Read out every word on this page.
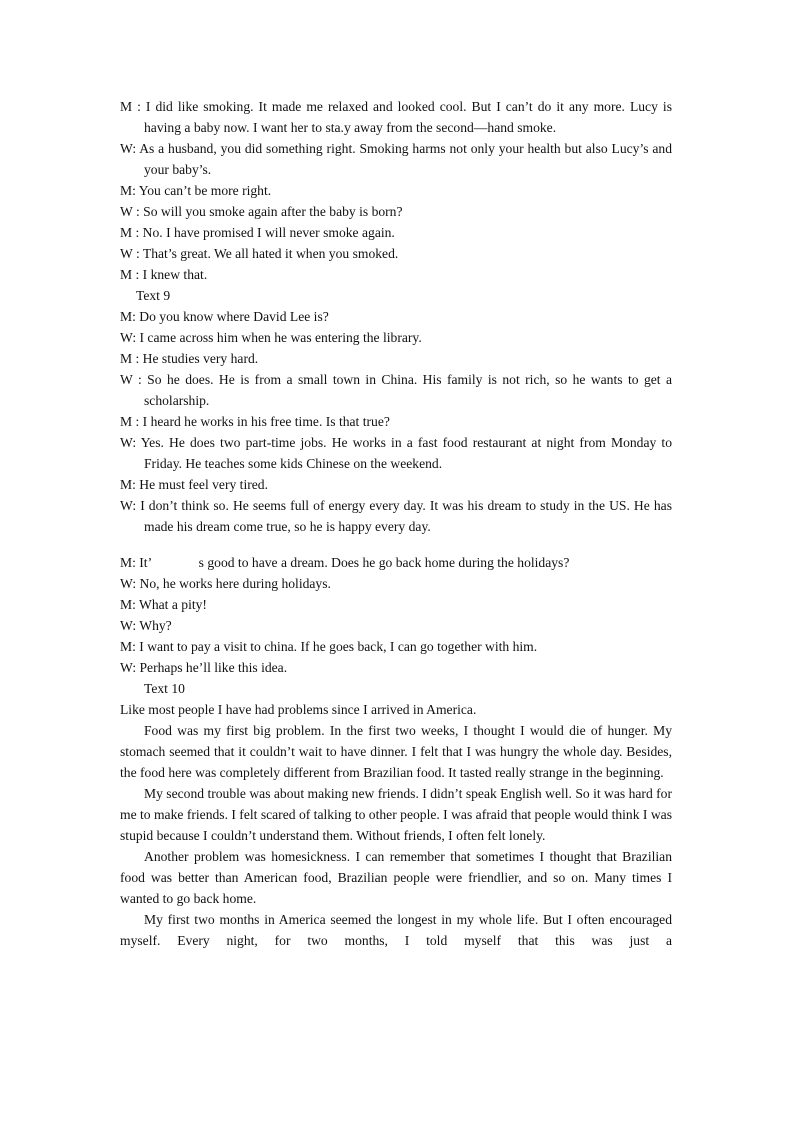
M : I did like smoking. It made me relaxed and looked cool. But I can’t do it any more. Lucy is having a baby now. I want her to sta.y away from the second—hand smoke.

W: As a husband, you did something right. Smoking harms not only your health but also Lucy’s and your baby’s.

M: You can’t be more right.

W : So will you smoke again after the baby is born?

M : No. I have promised I will never smoke again.

W : That’s great. We all hated it when you smoked.

M : I knew that.

Text 9

M: Do you know where David Lee is?

W: I came across him when he was entering the library.

M : He studies very hard.

W : So he does. He is from a small town in China. His family is not rich, so he wants to get a scholarship.

M : I heard he works in his free time. Is that true?

W: Yes. He does two part-time jobs. He works in a fast food restaurant at night from Monday to Friday. He teaches some kids Chinese on the weekend.

M: He must feel very tired.

W: I don’t think so. He seems full of energy every day. It was his dream to study in the US. He has made his dream come true, so he is happy every day.

M: It’              s good to have a dream. Does he go back home during the holidays?

W: No, he works here during holidays.

M: What a pity!

W: Why?

M: I want to pay a visit to china. If he goes back, I can go together with him.

W: Perhaps he’ll like this idea.

Text 10

Like most people I have had problems since I arrived in America.

Food was my first big problem. In the first two weeks, I thought I would die of hunger. My stomach seemed that it couldn’t wait to have dinner. I felt that I was hungry the whole day. Besides, the food here was completely different from Brazilian food. It tasted really strange in the beginning.

My second trouble was about making new friends. I didn’t speak English well. So it was hard for me to make friends. I felt scared of talking to other people. I was afraid that people would think I was stupid because I couldn’t understand them. Without friends, I often felt lonely.

Another problem was homesickness. I can remember that sometimes I thought that Brazilian food was better than American food, Brazilian people were friendlier, and so on. Many times I wanted to go back home.

My first two months in America seemed the longest in my whole life. But I often encouraged myself. Every night, for two months, I told myself that this was just a
